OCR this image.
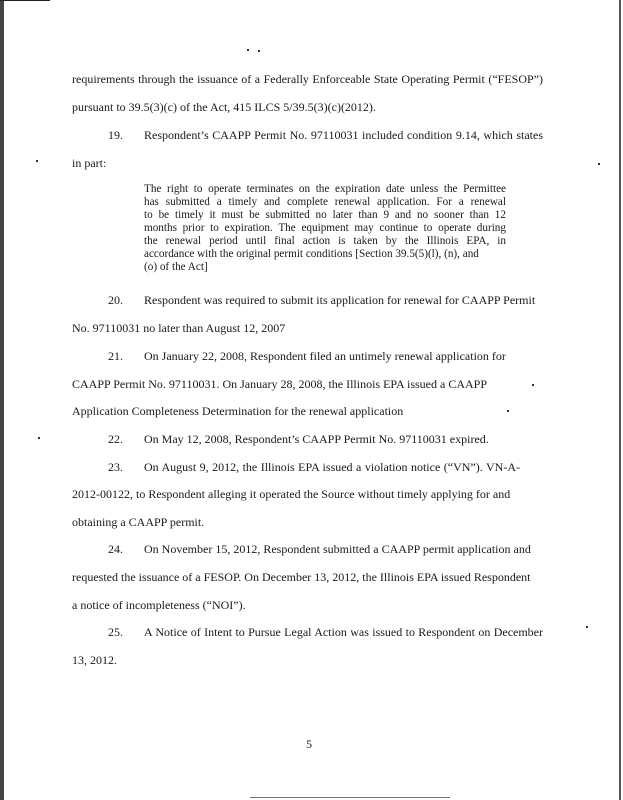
requirements through the issuance of a Federally Enforceable State Operating Permit (“FESOP”)
pursuant to 39.5(3)(c) of the Act, 415 ILCS 5/39.5(3)(c)(2012).
19. Respondent’s CAAPP Permit No. 97110031 included condition 9.14, which states
in part:
The right to operate terminates on the expiration date unless the Permittee
has submitted a timely and complete renewal application. For a renewal
to be timely it must be submitted no later than 9 and no sooner than 12
months prior to expiration. The equipment may continue to operate during
the renewal period until final action is taken by the Illinois EPA, in
accordance with the original permit conditions [Section 39.5(5)(l), (n), and
(o) of the Act]
20. Respondent was required to submit its application for renewal for CAAPP Permit
No. 97110031 no later than August 12, 2007
21. On January 22, 2008, Respondent filed an untimely renewal application for
CAAPP Permit No. 97110031. On January 28, 2008, the Illinois EPA issued a CAAPP
Application Completeness Determination for the renewal application
22. On May 12, 2008, Respondent’s CAAPP Permit No. 97110031 expired.
23. On August 9, 2012, the Illinois EPA issued a violation notice (“VN”). VN-A-
2012-00122, to Respondent alleging it operated the Source without timely applying for and
obtaining a CAAPP permit.
24. On November 15, 2012, Respondent submitted a CAAPP permit application and
requested the issuance of a FESOP. On December 13, 2012, the Illinois EPA issued Respondent
a notice of incompleteness (“NOI”).
25. A Notice of Intent to Pursue Legal Action was issued to Respondent on December
13, 2012.
5
